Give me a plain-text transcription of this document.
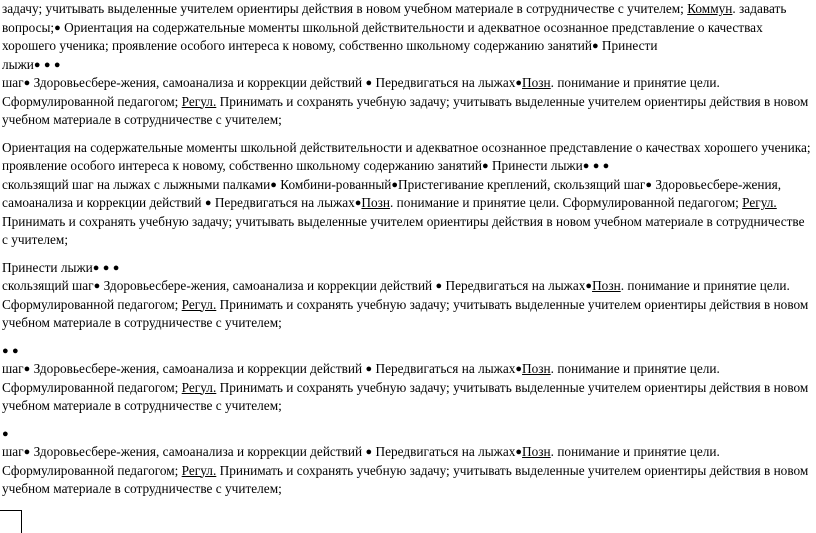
задачу; учитывать выделенные учителем ориентиры действия в новом учебном материале в сотрудничестве с учителем; Коммун. задавать вопросы;● Ориентация на содержательные моменты школьной действительности и адекватное осознанное представление о качествах хорошего ученика; проявление особого интереса к новому, собственно школьному содержанию занятий● Принести
лыжи● ● ●
шаг● Здоровьесбере-жения, самоанализа и коррекции действий ● Передвигаться на лыжах●Позн. понимание и принятие цели. Сформулированной педагогом; Регул. Принимать и сохранять учебную задачу; учитывать выделенные учителем ориентиры действия в новом учебном материале в сотрудничестве с учителем;
Ориентация на содержательные моменты школьной действительности и адекватное осознанное представление о качествах хорошего ученика; проявление особого интереса к новому, собственно школьному содержанию занятий● Принести лыжи● ● ●
скользящий шаг на лыжах с лыжными палками● Комбини-рованный●Пристегивание креплений, скользящий шаг● Здоровьесбере-жения, самоанализа и коррекции действий ● Передвигаться на лыжах●Позн. понимание и принятие цели. Сформулированной педагогом; Регул. Принимать и сохранять учебную задачу; учитывать выделенные учителем ориентиры действия в новом учебном материале в сотрудничестве с учителем;
Принести лыжи● ● ●
скользящий шаг● Здоровьесбере-жения, самоанализа и коррекции действий ● Передвигаться на лыжах●Позн. понимание и принятие цели. Сформулированной педагогом; Регул. Принимать и сохранять учебную задачу; учитывать выделенные учителем ориентиры действия в новом учебном материале в сотрудничестве с учителем;
● ●
шаг● Здоровьесбере-жения, самоанализа и коррекции действий ● Передвигаться на лыжах●Позн. понимание и принятие цели. Сформулированной педагогом; Регул. Принимать и сохранять учебную задачу; учитывать выделенные учителем ориентиры действия в новом учебном материале в сотрудничестве с учителем;
●
шаг● Здоровьесбере-жения, самоанализа и коррекции действий ● Передвигаться на лыжах●Позн. понимание и принятие цели. Сформулированной педагогом; Регул. Принимать и сохранять учебную задачу; учитывать выделенные учителем ориентиры действия в новом учебном материале в сотрудничестве с учителем;
